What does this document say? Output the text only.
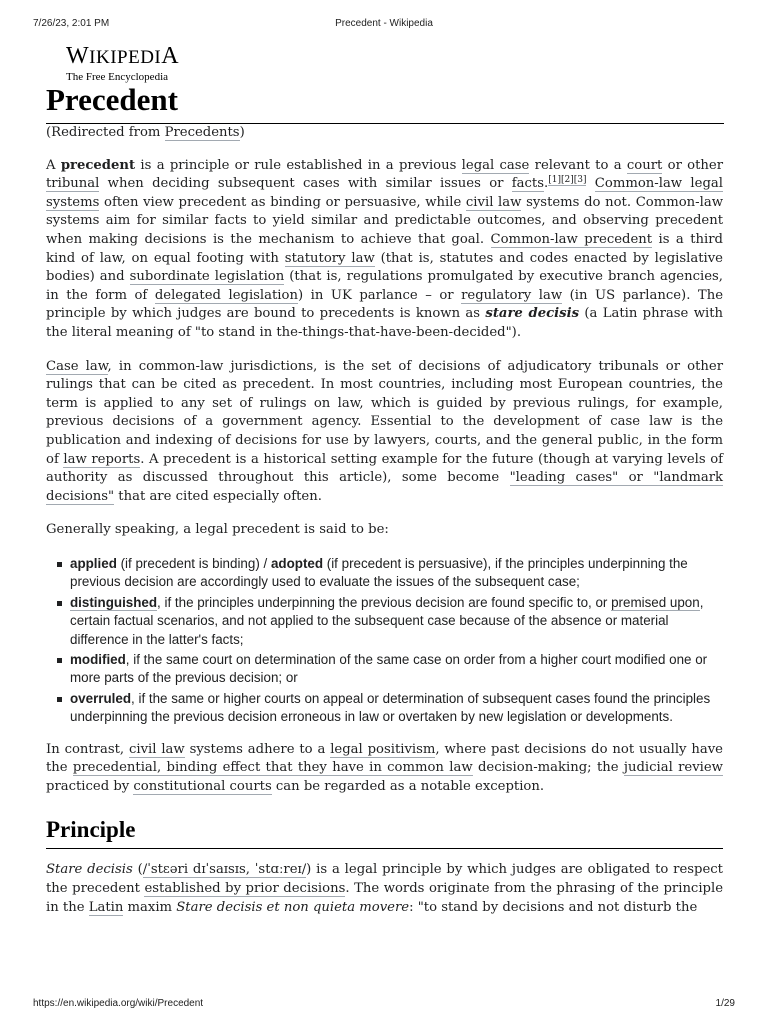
7/26/23, 2:01 PM	Precedent - Wikipedia
WIKIPEDIA
The Free Encyclopedia
Precedent
(Redirected from Precedents)

A precedent is a principle or rule established in a previous legal case relevant to a court or other tribunal when deciding subsequent cases with similar issues or facts.[1][2][3] Common-law legal systems often view precedent as binding or persuasive, while civil law systems do not. Common-law systems aim for similar facts to yield similar and predictable outcomes, and observing precedent when making decisions is the mechanism to achieve that goal. Common-law precedent is a third kind of law, on equal footing with statutory law (that is, statutes and codes enacted by legislative bodies) and subordinate legislation (that is, regulations promulgated by executive branch agencies, in the form of delegated legislation) in UK parlance – or regulatory law (in US parlance). The principle by which judges are bound to precedents is known as stare decisis (a Latin phrase with the literal meaning of "to stand in the-things-that-have-been-decided").

Case law, in common-law jurisdictions, is the set of decisions of adjudicatory tribunals or other rulings that can be cited as precedent. In most countries, including most European countries, the term is applied to any set of rulings on law, which is guided by previous rulings, for example, previous decisions of a government agency. Essential to the development of case law is the publication and indexing of decisions for use by lawyers, courts, and the general public, in the form of law reports. A precedent is a historical setting example for the future (though at varying levels of authority as discussed throughout this article), some become "leading cases" or "landmark decisions" that are cited especially often.

Generally speaking, a legal precedent is said to be:

applied (if precedent is binding) / adopted (if precedent is persuasive), if the principles underpinning the previous decision are accordingly used to evaluate the issues of the subsequent case;
distinguished, if the principles underpinning the previous decision are found specific to, or premised upon, certain factual scenarios, and not applied to the subsequent case because of the absence or material difference in the latter's facts;
modified, if the same court on determination of the same case on order from a higher court modified one or more parts of the previous decision; or
overruled, if the same or higher courts on appeal or determination of subsequent cases found the principles underpinning the previous decision erroneous in law or overtaken by new legislation or developments.

In contrast, civil law systems adhere to a legal positivism, where past decisions do not usually have the precedential, binding effect that they have in common law decision-making; the judicial review practiced by constitutional courts can be regarded as a notable exception.

Principle

Stare decisis (/ˈstɛəri dɪˈsaɪsɪs, ˈstɑːreɪ/) is a legal principle by which judges are obligated to respect the precedent established by prior decisions. The words originate from the phrasing of the principle in the Latin maxim Stare decisis et non quieta movere: "to stand by decisions and not disturb the

https://en.wikipedia.org/wiki/Precedent	1/29
